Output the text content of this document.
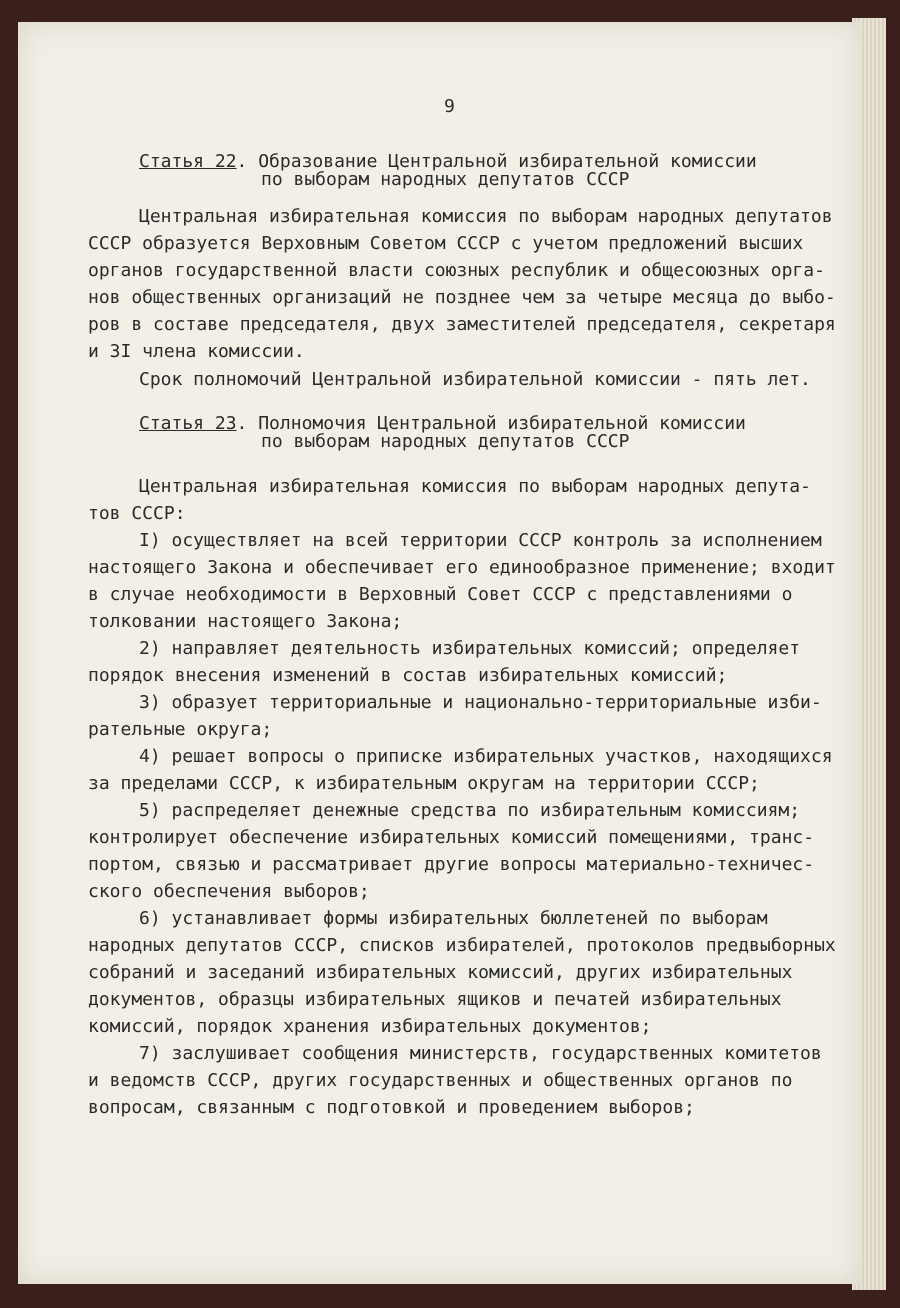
9
Статья 22. Образование Центральной избирательной комиссии
по выборам народных депутатов СССР
Центральная избирательная комиссия по выборам народных депутатов
СССР образуется Верховным Советом СССР с учетом предложений высших
органов государственной власти союзных республик и общесоюзных орга-
нов общественных организаций не позднее чем за четыре месяца до выбо-
ров в составе председателя, двух заместителей председателя, секретаря
и 3I члена комиссии.
Срок полномочий Центральной избирательной комиссии - пять лет.
Статья 23. Полномочия Центральной избирательной комиссии
по выборам народных депутатов СССР
Центральная избирательная комиссия по выборам народных депута-
тов СССР:
I) осуществляет на всей территории СССР контроль за исполнением
настоящего Закона и обеспечивает его единообразное применение; входит
в случае необходимости в Верховный Совет СССР с представлениями о
толковании настоящего Закона;
2) направляет деятельность избирательных комиссий; определяет
порядок внесения изменений в состав избирательных комиссий;
3) образует территориальные и национально-территориальные изби-
рательные округа;
4) решает вопросы о приписке избирательных участков, находящихся
за пределами СССР, к избирательным округам на территории СССР;
5) распределяет денежные средства по избирательным комиссиям;
контролирует обеспечение избирательных комиссий помещениями, транс-
портом, связью и рассматривает другие вопросы материально-техничес-
ского обеспечения выборов;
6) устанавливает формы избирательных бюллетеней по выборам
народных депутатов СССР, списков избирателей, протоколов предвыборных
собраний и заседаний избирательных комиссий, других избирательных
документов, образцы избирательных ящиков и печатей избирательных
комиссий, порядок хранения избирательных документов;
7) заслушивает сообщения министерств, государственных комитетов
и ведомств СССР, других государственных и общественных органов по
вопросам, связанным с подготовкой и проведением выборов;
